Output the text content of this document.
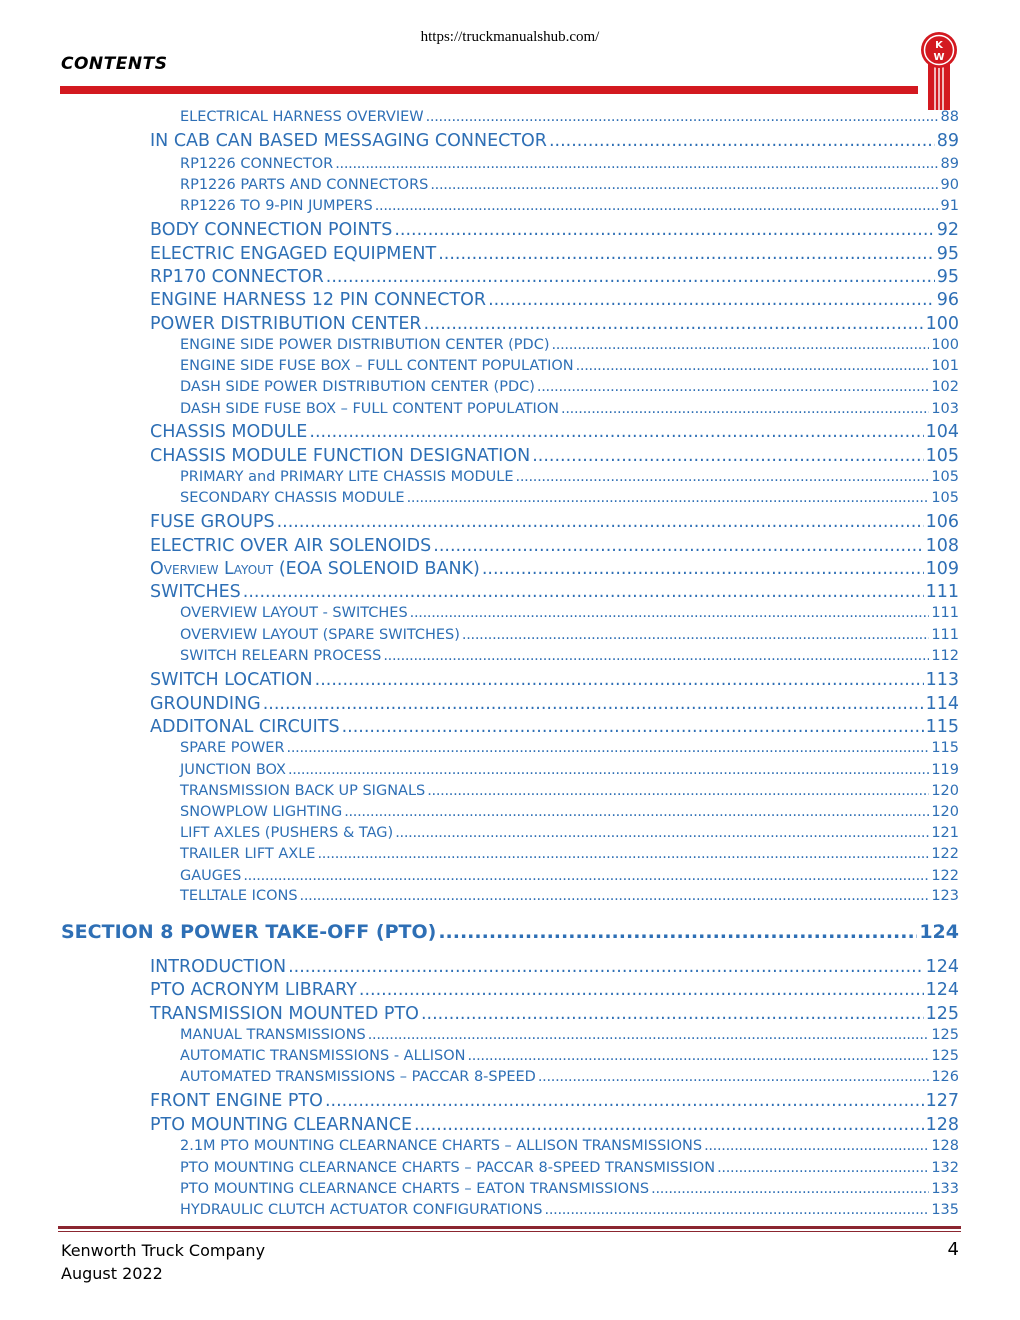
https://truckmanualshub.com/
CONTENTS
K
W
ELECTRICAL HARNESS OVERVIEW .....	88
IN CAB CAN BASED MESSAGING CONNECTOR .....	89
RP1226 CONNECTOR .....	89
RP1226 PARTS AND CONNECTORS .....	90
RP1226 TO 9-PIN JUMPERS .....	91
BODY CONNECTION POINTS .....	92
ELECTRIC ENGAGED EQUIPMENT .....	95
RP170 CONNECTOR .....	95
ENGINE HARNESS 12 PIN CONNECTOR .....	96
POWER DISTRIBUTION CENTER .....	100
ENGINE SIDE POWER DISTRIBUTION CENTER (PDC) .....	100
ENGINE SIDE FUSE BOX – FULL CONTENT POPULATION .....	101
DASH SIDE POWER DISTRIBUTION CENTER (PDC) .....	102
DASH SIDE FUSE BOX – FULL CONTENT POPULATION .....	103
CHASSIS MODULE .....	104
CHASSIS MODULE FUNCTION DESIGNATION .....	105
PRIMARY and PRIMARY LITE CHASSIS MODULE .....	105
SECONDARY CHASSIS MODULE .....	105
FUSE GROUPS .....	106
ELECTRIC OVER AIR SOLENOIDS .....	108
Overview Layout (EOA SOLENOID BANK) .....	109
SWITCHES .....	111
OVERVIEW LAYOUT - SWITCHES .....	111
OVERVIEW LAYOUT (SPARE SWITCHES) .....	111
SWITCH RELEARN PROCESS .....	112
SWITCH LOCATION .....	113
GROUNDING .....	114
ADDITONAL CIRCUITS .....	115
SPARE POWER .....	115
JUNCTION BOX .....	119
TRANSMISSION BACK UP SIGNALS .....	120
SNOWPLOW LIGHTING .....	120
LIFT AXLES (PUSHERS & TAG) .....	121
TRAILER LIFT AXLE .....	122
GAUGES .....	122
TELLTALE ICONS .....	123
SECTION 8 POWER TAKE-OFF (PTO) .....	124
INTRODUCTION .....	124
PTO ACRONYM LIBRARY .....	124
TRANSMISSION MOUNTED PTO .....	125
MANUAL TRANSMISSIONS .....	125
AUTOMATIC TRANSMISSIONS - ALLISON .....	125
AUTOMATED TRANSMISSIONS – PACCAR 8-SPEED .....	126
FRONT ENGINE PTO .....	127
PTO MOUNTING CLEARNANCE .....	128
2.1M PTO MOUNTING CLEARNANCE CHARTS – ALLISON TRANSMISSIONS .....	128
PTO MOUNTING CLEARNANCE CHARTS – PACCAR 8-SPEED TRANSMISSION .....	132
PTO MOUNTING CLEARNANCE CHARTS – EATON TRANSMISSIONS .....	133
HYDRAULIC CLUTCH ACTUATOR CONFIGURATIONS .....	135
Kenworth Truck Company
August 2022
4
